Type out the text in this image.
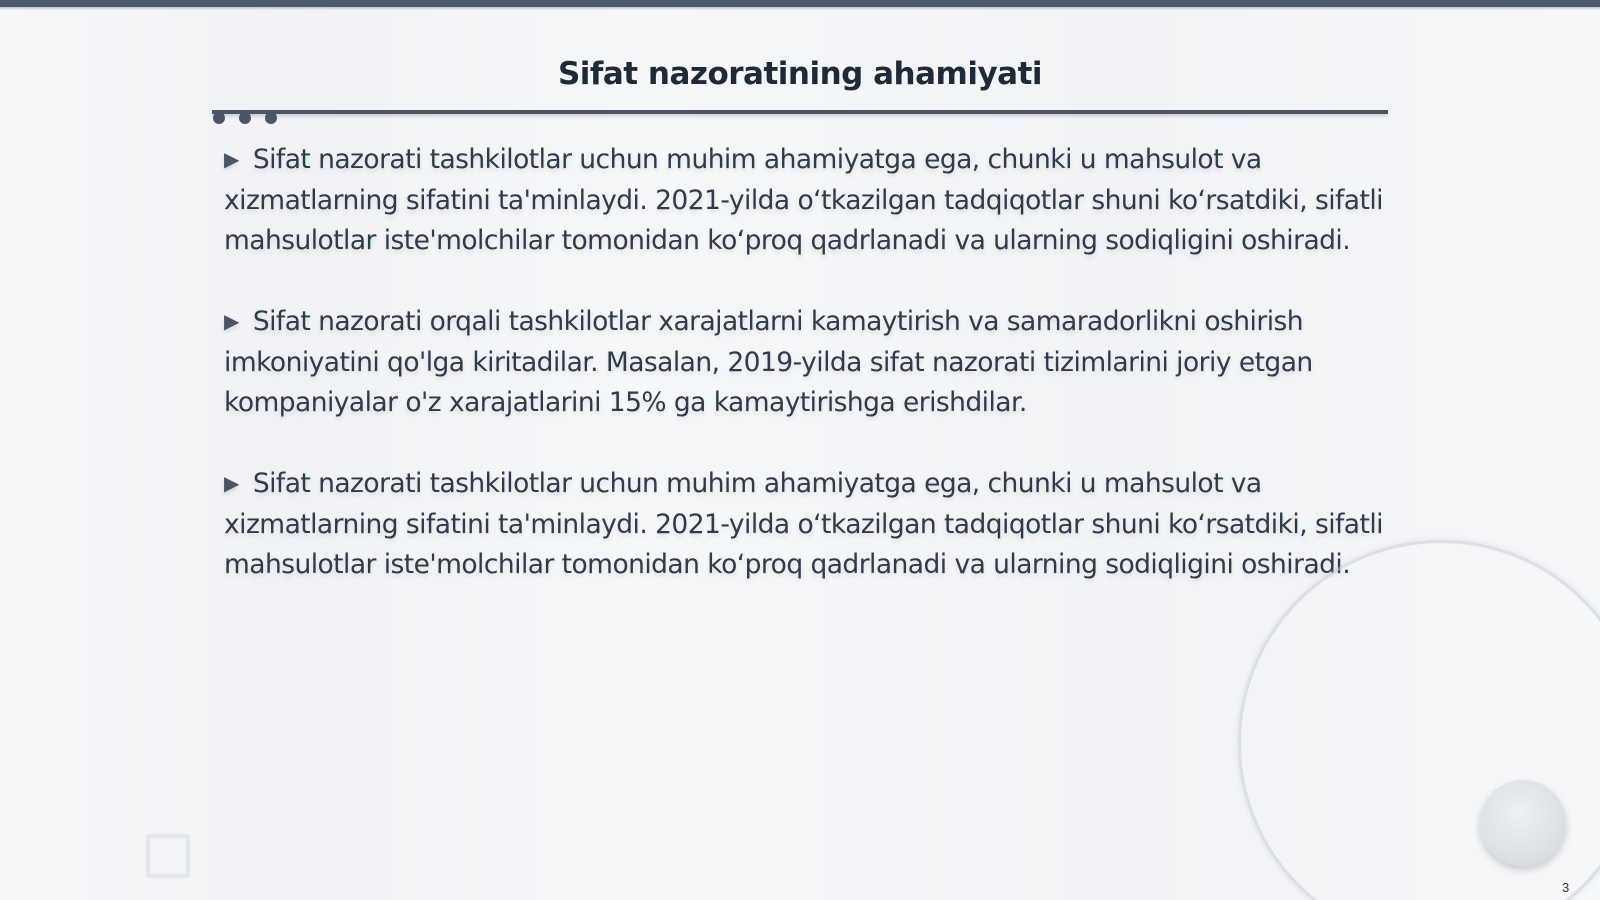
Sifat nazoratining ahamiyati

▶ Sifat nazorati tashkilotlar uchun muhim ahamiyatga ega, chunki u mahsulot va xizmatlarning sifatini ta'minlaydi. 2021-yilda oʻtkazilgan tadqiqotlar shuni koʻrsatdiki, sifatli mahsulotlar iste'molchilar tomonidan koʻproq qadrlanadi va ularning sodiqligini oshiradi.

▶ Sifat nazorati orqali tashkilotlar xarajatlarni kamaytirish va samaradorlikni oshirish imkoniyatini qo'lga kiritadilar. Masalan, 2019-yilda sifat nazorati tizimlarini joriy etgan kompaniyalar o'z xarajatlarini 15% ga kamaytirishga erishdilar.

▶ Sifat nazorati tashkilotlar uchun muhim ahamiyatga ega, chunki u mahsulot va xizmatlarning sifatini ta'minlaydi. 2021-yilda oʻtkazilgan tadqiqotlar shuni koʻrsatdiki, sifatli mahsulotlar iste'molchilar tomonidan koʻproq qadrlanadi va ularning sodiqligini oshiradi.

3
